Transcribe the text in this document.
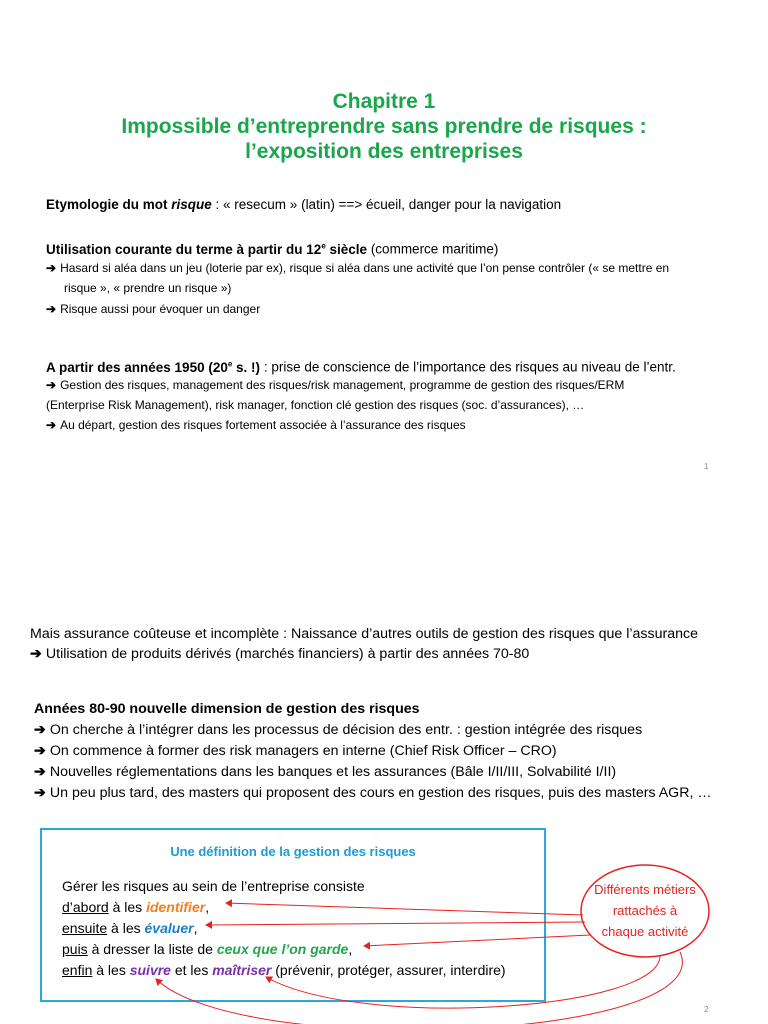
Chapitre 1
Impossible d’entreprendre sans prendre de risques :
l’exposition des entreprises
Etymologie du mot risque : « resecum » (latin) ==> écueil, danger pour la navigation
Utilisation courante du terme à partir du 12e siècle (commerce maritime)
➔ Hasard si aléa dans un jeu (loterie par ex), risque si aléa dans une activité que l’on pense contrôler (« se mettre en
risque », « prendre un risque »)
➔ Risque aussi pour évoquer un danger
A partir des années 1950 (20e s. !) : prise de conscience de l’importance des risques au niveau de l’entr.
➔ Gestion des risques, management des risques/risk management, programme de gestion des risques/ERM
(Enterprise Risk Management), risk manager, fonction clé gestion des risques (soc. d’assurances), …
➔ Au départ, gestion des risques fortement associée à l’assurance des risques
1
Mais assurance coûteuse et incomplète : Naissance d’autres outils de gestion des risques que l’assurance
➔ Utilisation de produits dérivés (marchés financiers) à partir des années 70-80
Années 80-90 nouvelle dimension de gestion des risques
➔ On cherche à l’intégrer dans les processus de décision des entr. : gestion intégrée des risques
➔ On commence à former des risk managers en interne (Chief Risk Officer – CRO)
➔ Nouvelles réglementations dans les banques et les assurances (Bâle I/II/III, Solvabilité I/II)
➔ Un peu plus tard, des masters qui proposent des cours en gestion des risques, puis des masters AGR, …
Une définition de la gestion des risques
Gérer les risques au sein de l’entreprise consiste
d’abord à les identifier,
ensuite à les évaluer,
puis à dresser la liste de ceux que l’on garde,
enfin à les suivre et les maîtriser (prévenir, protéger, assurer, interdire)
Différents métiers
rattachés à
chaque activité
2
